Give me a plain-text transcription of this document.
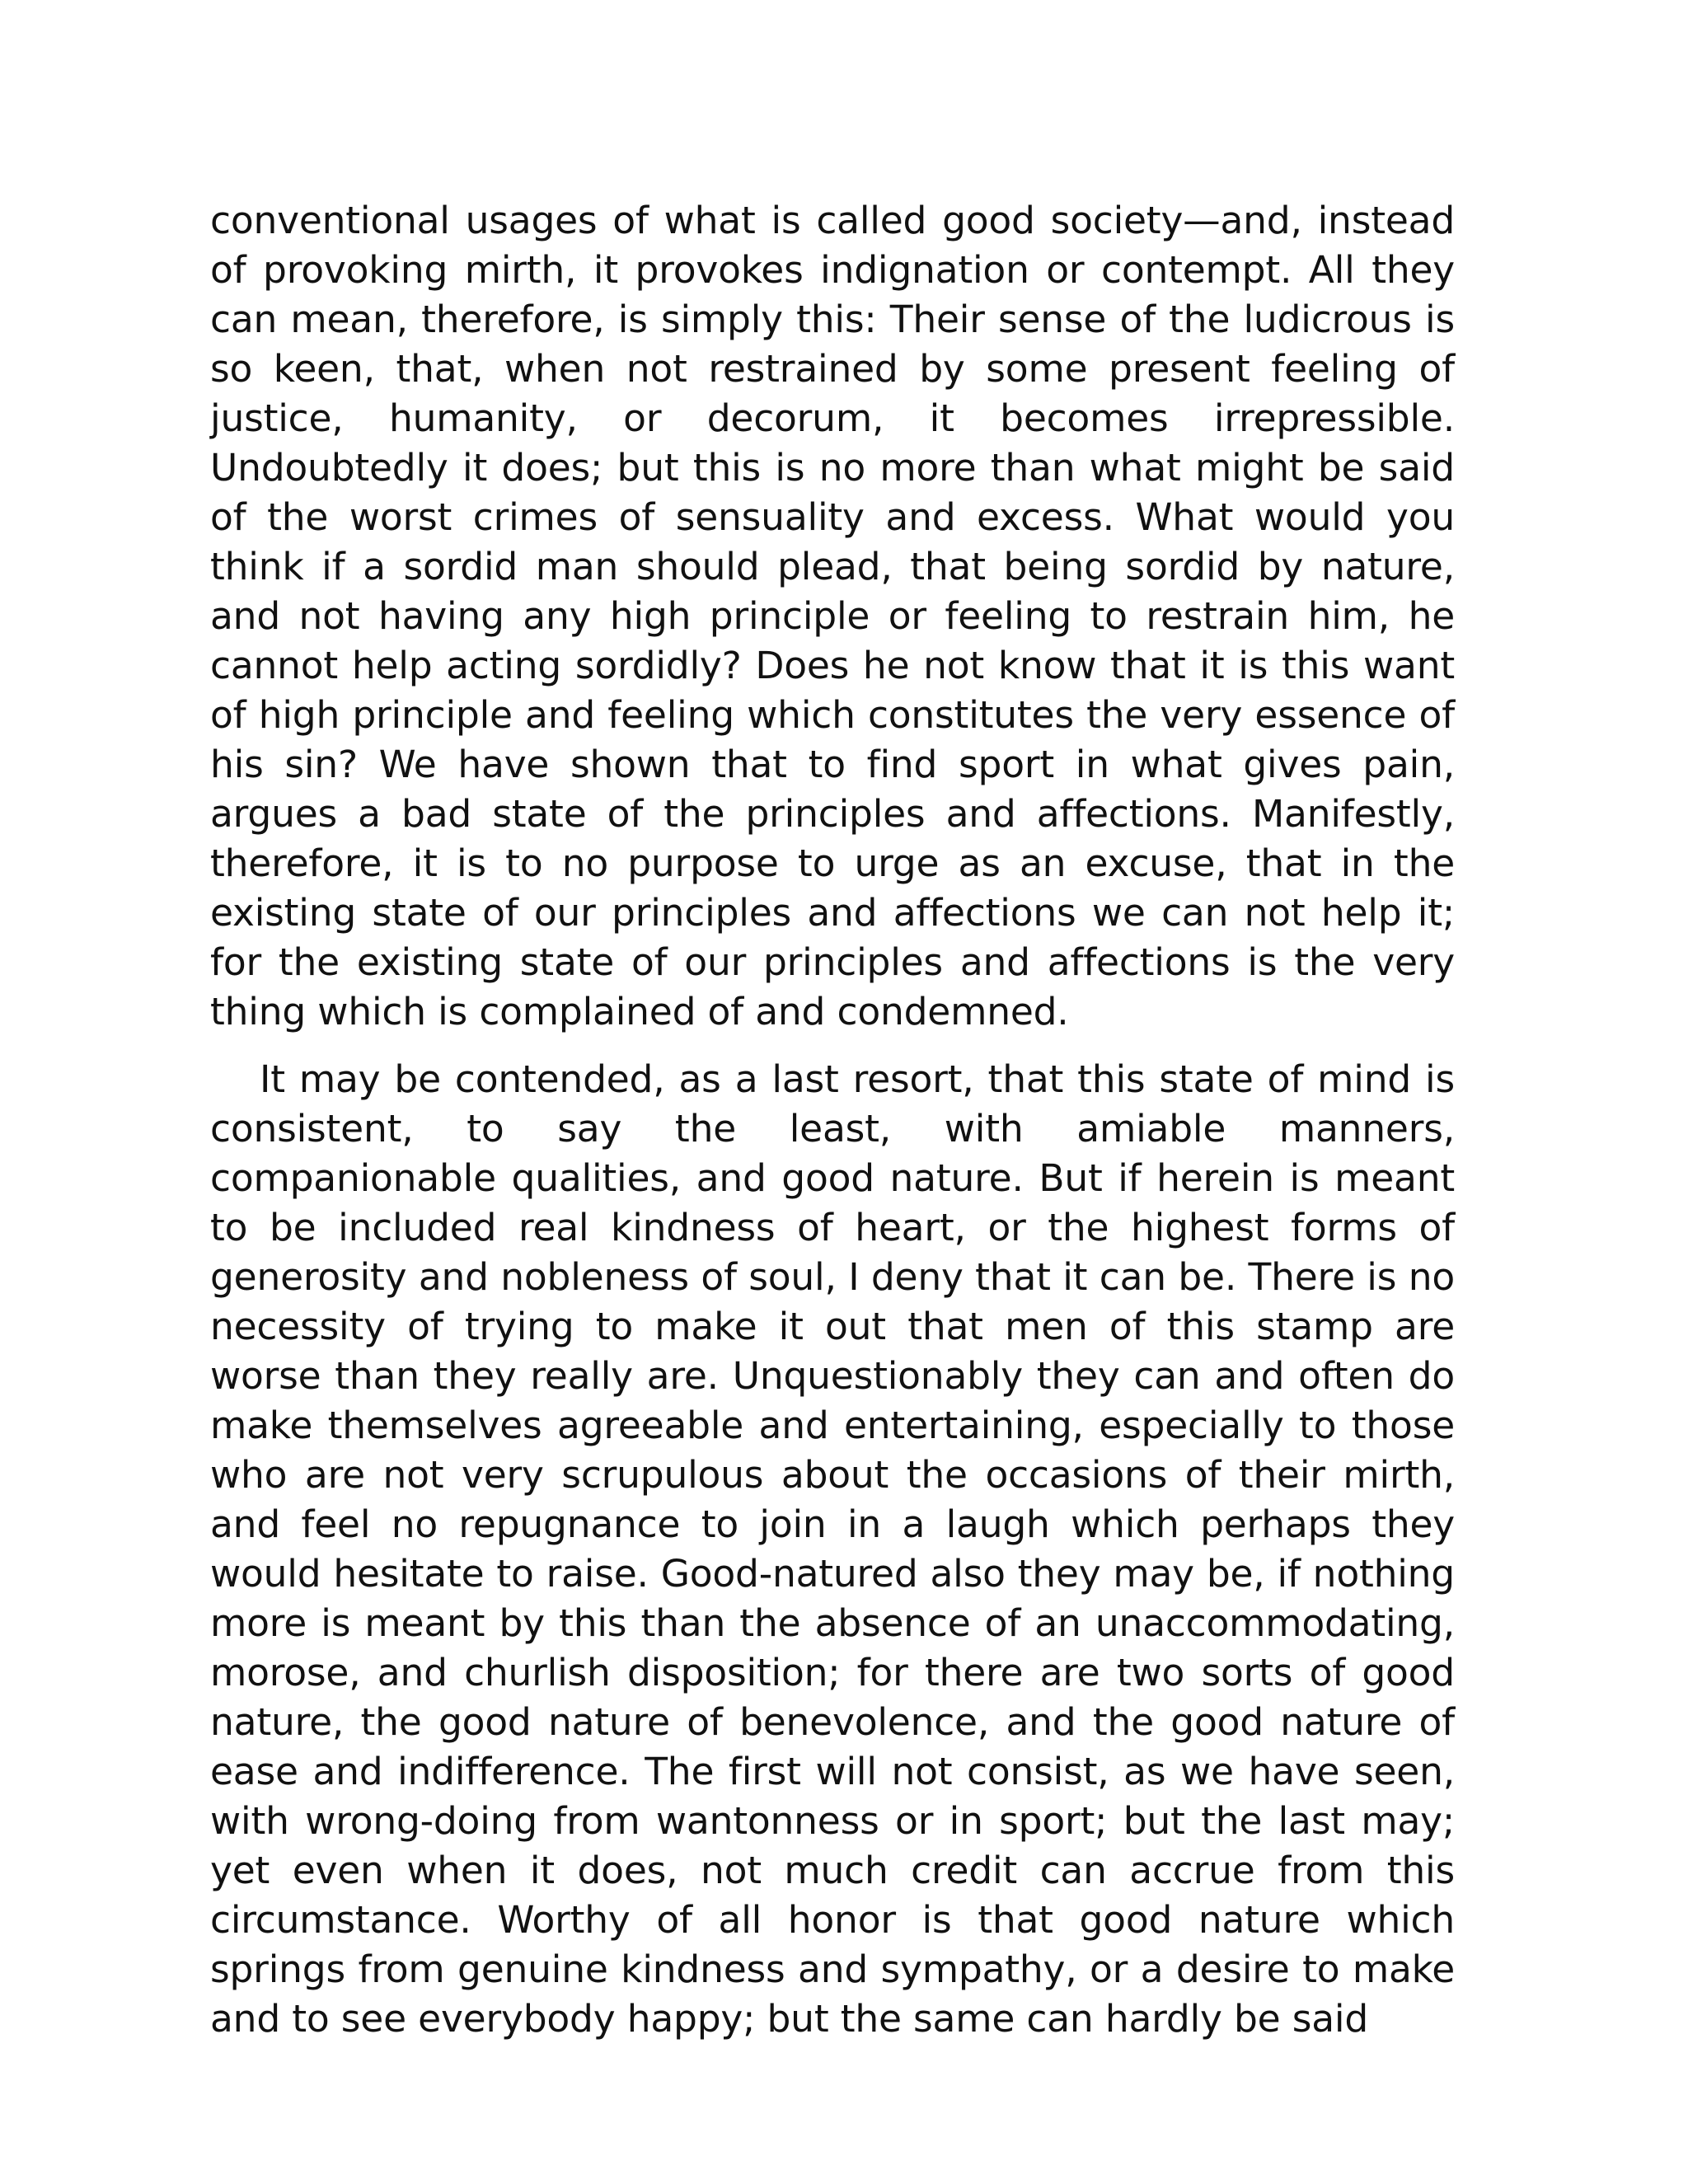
conventional usages of what is called good society—and, instead of provoking mirth, it provokes indignation or contempt. All they can mean, therefore, is simply this: Their sense of the ludicrous is so keen, that, when not restrained by some present feeling of justice, humanity, or decorum, it becomes irrepressible. Undoubtedly it does; but this is no more than what might be said of the worst crimes of sensuality and excess. What would you think if a sordid man should plead, that being sordid by nature, and not having any high principle or feeling to restrain him, he cannot help acting sordidly? Does he not know that it is this want of high principle and feeling which constitutes the very essence of his sin? We have shown that to find sport in what gives pain, argues a bad state of the principles and affections. Manifestly, therefore, it is to no purpose to urge as an excuse, that in the existing state of our principles and affections we can not help it; for the existing state of our principles and affections is the very thing which is complained of and condemned.

It may be contended, as a last resort, that this state of mind is consistent, to say the least, with amiable manners, companionable qualities, and good nature. But if herein is meant to be included real kindness of heart, or the highest forms of generosity and nobleness of soul, I deny that it can be. There is no necessity of trying to make it out that men of this stamp are worse than they really are. Unquestionably they can and often do make themselves agreeable and entertaining, especially to those who are not very scrupulous about the occasions of their mirth, and feel no repugnance to join in a laugh which perhaps they would hesitate to raise. Good-natured also they may be, if nothing more is meant by this than the absence of an unaccommodating, morose, and churlish disposition; for there are two sorts of good nature, the good nature of benevolence, and the good nature of ease and indifference. The first will not consist, as we have seen, with wrong-doing from wantonness or in sport; but the last may; yet even when it does, not much credit can accrue from this circumstance. Worthy of all honor is that good nature which springs from genuine kindness and sympathy, or a desire to make and to see everybody happy; but the same can hardly be said
